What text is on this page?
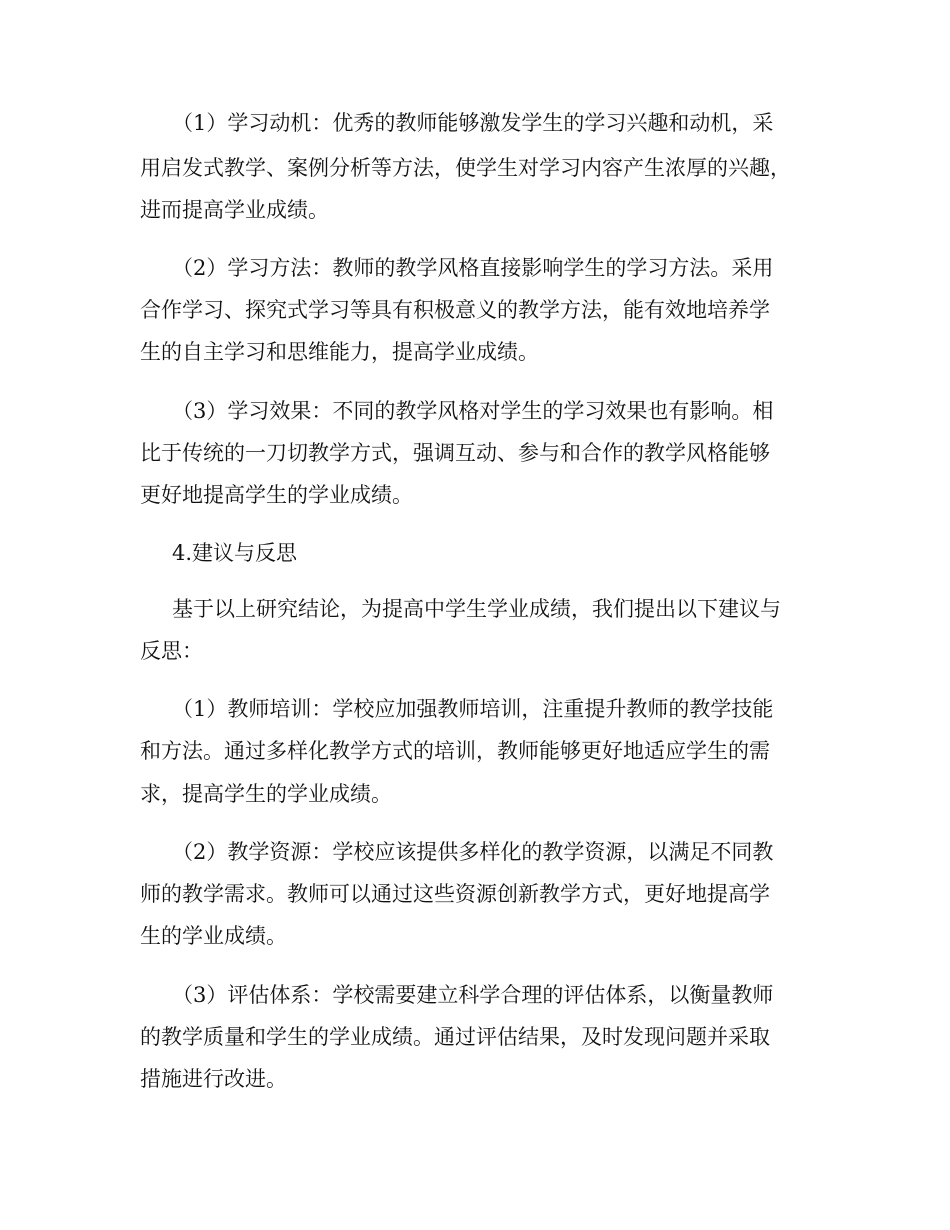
（1）学习动机：优秀的教师能够激发学生的学习兴趣和动机，采

用启发式教学、案例分析等方法，使学生对学习内容产生浓厚的兴趣，

进而提高学业成绩。

（2）学习方法：教师的教学风格直接影响学生的学习方法。采用

合作学习、探究式学习等具有积极意义的教学方法，能有效地培养学

生的自主学习和思维能力，提高学业成绩。

（3）学习效果：不同的教学风格对学生的学习效果也有影响。相

比于传统的一刀切教学方式，强调互动、参与和合作的教学风格能够

更好地提高学生的学业成绩。

4.建议与反思

基于以上研究结论，为提高中学生学业成绩，我们提出以下建议与

反思：

（1）教师培训：学校应加强教师培训，注重提升教师的教学技能

和方法。通过多样化教学方式的培训，教师能够更好地适应学生的需

求，提高学生的学业成绩。

（2）教学资源：学校应该提供多样化的教学资源，以满足不同教

师的教学需求。教师可以通过这些资源创新教学方式，更好地提高学

生的学业成绩。

（3）评估体系：学校需要建立科学合理的评估体系，以衡量教师

的教学质量和学生的学业成绩。通过评估结果，及时发现问题并采取

措施进行改进。
